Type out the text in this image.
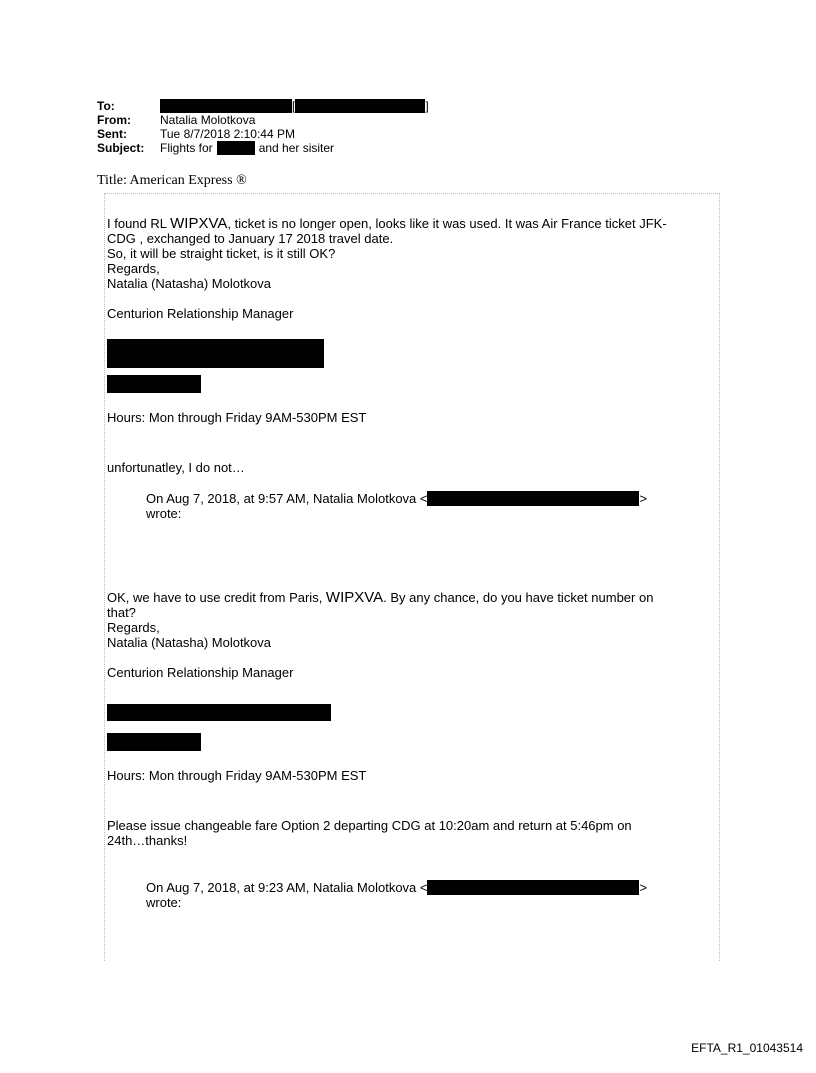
To:	[	]
From:	Natalia Molotkova
Sent:	Tue 8/7/2018 2:10:44 PM
Subject:	Flights for	and her sisiter
Title: American Express ®

I found RL WIPXVA, ticket is no longer open, looks like it was used. It was Air France ticket JFK-

CDG , exchanged to January 17 2018 travel date.

So, it will be straight ticket, is it still OK?

Regards,

Natalia (Natasha) Molotkova

Centurion Relationship Manager

Hours: Mon through Friday 9AM-530PM EST
unfortunatley, I do not…
On Aug 7, 2018, at 9:57 AM, Natalia Molotkova <	>
wrote:

OK, we have to use credit from Paris, WIPXVA. By any chance, do you have ticket number on

that?

Regards,

Natalia (Natasha) Molotkova

Centurion Relationship Manager

Hours: Mon through Friday 9AM-530PM EST

Please issue changeable fare Option 2 departing CDG at 10:20am and return at 5:46pm on

24th…thanks!

On Aug 7, 2018, at 9:23 AM, Natalia Molotkova <	>
wrote:
EFTA_R1_01043514
